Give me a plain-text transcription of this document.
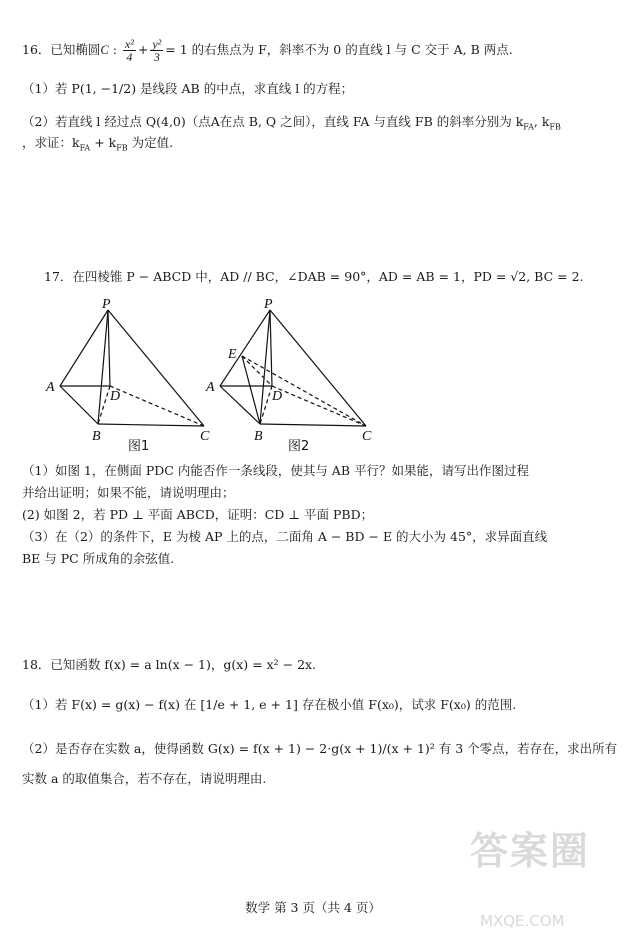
16．已知椭圆C : $\frac{\text{x²}}{4} + \frac{\text{y²}}{3} = 1$ 的右焦点为 F，斜率不为 0 的直线 l 与 C 交于 A, B 两点.
（1）若 P(1, −1/2) 是线段 AB 的中点，求直线 l 的方程；
（2）若直线 l 经过点 Q(4,0)（点A在点 B, Q 之间），直线 FA 与直线 FB 的斜率分别为 $k_{FA}$, $k_{FB}$
，求证：$k_{FA} + k_{FB}$ 为定值.
17．在四棱锥 P − ABCD 中，AD // BC，∠DAB = 90°，AD = AB = 1，PD = √2, BC = 2.
P
A
D
B	C
图1
P
E
A
D
B	C
图2
（1）如图 1，在侧面 PDC 内能否作一条线段，使其与 AB 平行？如果能，请写出作图过程
并给出证明；如果不能，请说明理由；
(2) 如图 2，若 PD ⊥ 平面 ABCD，证明：CD ⊥ 平面 PBD；
（3）在（2）的条件下，E 为棱 AP 上的点，二面角 A − BD − E 的大小为 45°，求异面直线
BE 与 PC 所成角的余弦值.
18．已知函数 f(x) = a ln(x − 1)，g(x) = x² − 2x.
（1）若 F(x) = g(x) − f(x) 在 [1/e + 1, e + 1] 存在极小值 F(x₀)，试求 F(x₀) 的范围.
（2）是否存在实数 a，使得函数 G(x) = f(x + 1) − 2·g(x + 1)/(x + 1)² 有 3 个零点，若存在，求出所有
实数 a 的取值集合，若不存在，请说明理由.
答案圈
MXQE.COM
数学 第 3 页（共 4 页）
